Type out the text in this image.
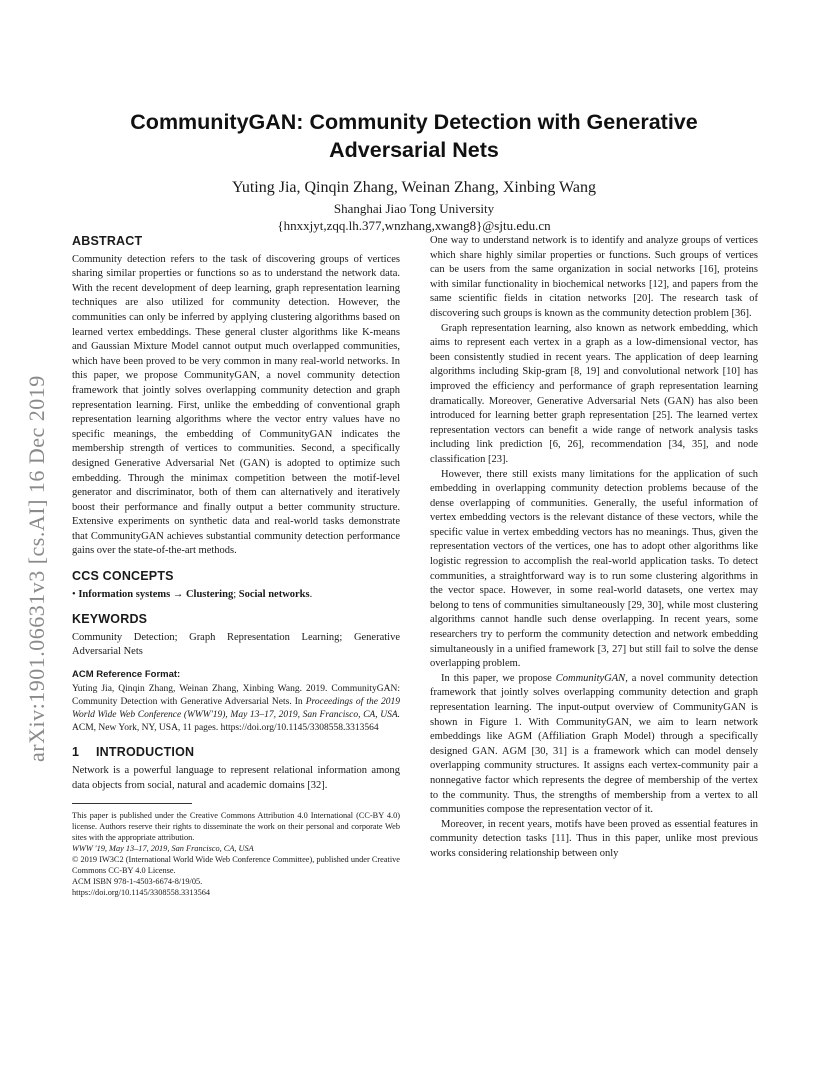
arXiv:1901.06631v3 [cs.AI] 16 Dec 2019
CommunityGAN: Community Detection with Generative
Adversarial Nets
Yuting Jia, Qinqin Zhang, Weinan Zhang, Xinbing Wang
Shanghai Jiao Tong University
{hnxxjyt,zqq.lh.377,wnzhang,xwang8}@sjtu.edu.cn
ABSTRACT

Community detection refers to the task of discovering groups of vertices sharing similar properties or functions so as to understand the network data. With the recent development of deep learning, graph representation learning techniques are also utilized for community detection. However, the communities can only be inferred by applying clustering algorithms based on learned vertex embeddings. These general cluster algorithms like K-means and Gaussian Mixture Model cannot output much overlapped communities, which have been proved to be very common in many real-world networks. In this paper, we propose CommunityGAN, a novel community detection framework that jointly solves overlapping community detection and graph representation learning. First, unlike the embedding of conventional graph representation learning algorithms where the vector entry values have no specific meanings, the embedding of CommunityGAN indicates the membership strength of vertices to communities. Second, a specifically designed Generative Adversarial Net (GAN) is adopted to optimize such embedding. Through the minimax competition between the motif-level generator and discriminator, both of them can alternatively and iteratively boost their performance and finally output a better community structure. Extensive experiments on synthetic data and real-world tasks demonstrate that CommunityGAN achieves substantial community detection performance gains over the state-of-the-art methods.

CCS CONCEPTS

• Information systems → Clustering; Social networks.

KEYWORDS

Community Detection; Graph Representation Learning; Generative Adversarial Nets

ACM Reference Format:

Yuting Jia, Qinqin Zhang, Weinan Zhang, Xinbing Wang. 2019. CommunityGAN: Community Detection with Generative Adversarial Nets. In Proceedings of the 2019 World Wide Web Conference (WWW'19), May 13–17, 2019, San Francisco, CA, USA. ACM, New York, NY, USA, 11 pages. https://doi.org/10.1145/3308558.3313564

1 INTRODUCTION

Network is a powerful language to represent relational information among data objects from social, natural and academic domains [32].

This paper is published under the Creative Commons Attribution 4.0 International (CC-BY 4.0) license. Authors reserve their rights to disseminate the work on their personal and corporate Web sites with the appropriate attribution.

WWW '19, May 13–17, 2019, San Francisco, CA, USA

© 2019 IW3C2 (International World Wide Web Conference Committee), published under Creative Commons CC-BY 4.0 License.

ACM ISBN 978-1-4503-6674-8/19/05.

https://doi.org/10.1145/3308558.3313564

One way to understand network is to identify and analyze groups of vertices which share highly similar properties or functions. Such groups of vertices can be users from the same organization in social networks [16], proteins with similar functionality in biochemical networks [12], and papers from the same scientific fields in citation networks [20]. The research task of discovering such groups is known as the community detection problem [36].

Graph representation learning, also known as network embedding, which aims to represent each vertex in a graph as a low-dimensional vector, has been consistently studied in recent years. The application of deep learning algorithms including Skip-gram [8, 19] and convolutional network [10] has improved the efficiency and performance of graph representation learning dramatically. Moreover, Generative Adversarial Nets (GAN) has also been introduced for learning better graph representation [25]. The learned vertex representation vectors can benefit a wide range of network analysis tasks including link prediction [6, 26], recommendation [34, 35], and node classification [23].

However, there still exists many limitations for the application of such embedding in overlapping community detection problems because of the dense overlapping of communities. Generally, the useful information of vertex embedding vectors is the relevant distance of these vectors, while the specific value in vertex embedding vectors has no meanings. Thus, given the representation vectors of the vertices, one has to adopt other algorithms like logistic regression to accomplish the real-world application tasks. To detect communities, a straightforward way is to run some clustering algorithms in the vector space. However, in some real-world datasets, one vertex may belong to tens of communities simultaneously [29, 30], while most clustering algorithms cannot handle such dense overlapping. In recent years, some researchers try to perform the community detection and network embedding simultaneously in a unified framework [3, 27] but still fail to solve the dense overlapping problem.

In this paper, we propose CommunityGAN, a novel community detection framework that jointly solves overlapping community detection and graph representation learning. The input-output overview of CommunityGAN is shown in Figure 1. With CommunityGAN, we aim to learn network embeddings like AGM (Affiliation Graph Model) through a specifically designed GAN. AGM [30, 31] is a framework which can model densely overlapping community structures. It assigns each vertex-community pair a nonnegative factor which represents the degree of membership of the vertex to the community. Thus, the strengths of membership from a vertex to all communities compose the representation vector of it.

Moreover, in recent years, motifs have been proved as essential features in community detection tasks [11]. Thus in this paper, unlike most previous works considering relationship between only
